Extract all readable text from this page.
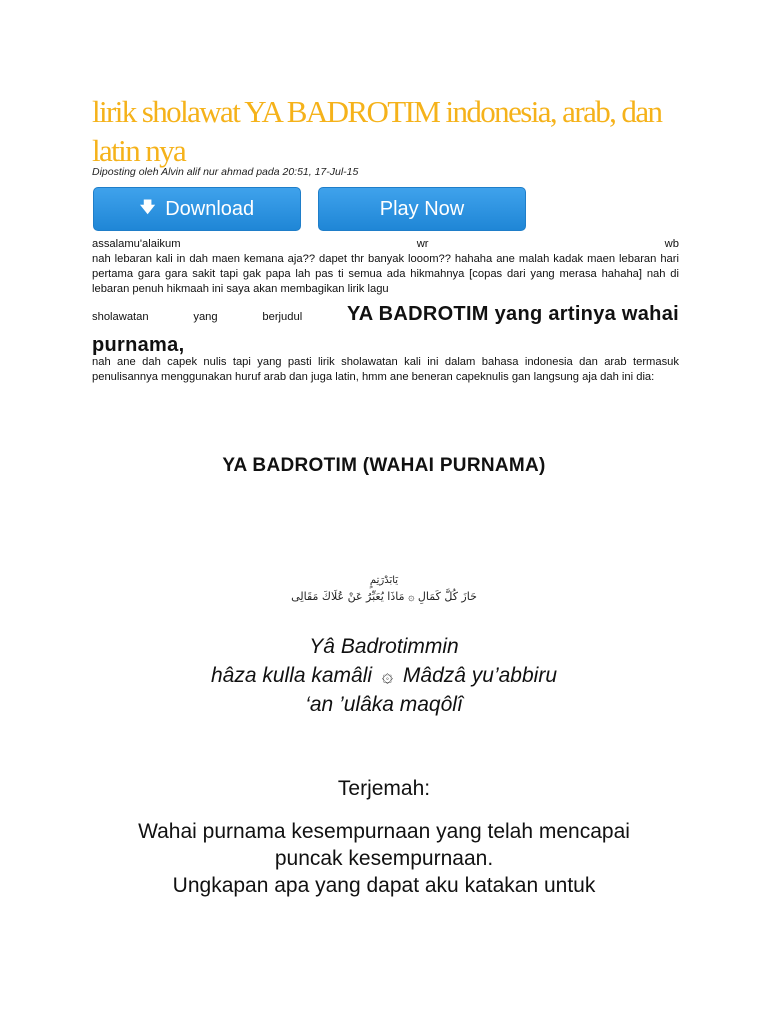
lirik sholawat YA BADROTIM indonesia, arab, dan latin nya
Diposting oleh Alvin alif nur ahmad pada 20:51, 17-Jul-15
🡇 Download	Play Now
assalamu'alaikum	wr	wb

nah lebaran kali in dah maen kemana aja?? dapet thr banyak looom?? hahaha ane malah kadak maen lebaran hari pertama gara gara sakit tapi gak papa lah pas ti semua ada hikmahnya [copas dari yang merasa hahaha] nah di lebaran penuh hikmaah ini saya akan membagikan lirik lagu

sholawatan	yang	berjudul YA BADROTIM yang artinya wahai
purnama,

nah ane dah capek nulis tapi yang pasti lirik sholawatan kali ini dalam bahasa indonesia dan arab termasuk penulisannya menggunakan huruf arab dan juga latin, hmm ane beneran capeknulis gan langsung aja dah ini dia:

YA BADROTIM (WAHAI PURNAMA)
يَابَدْرَتِمٍ
حَازَ كُلَّ كَمَالِ ۞ مَاذَا يُعَبِّرُ عَنْ عُلَاكَ مَقَالِى
Yâ Badrotimmin
hâza kulla kamâli ۞ Mâdzâ yu’abbiru
‘an ’ulâka maqôlî
Terjemah:
Wahai purnama kesempurnaan yang telah mencapai
puncak kesempurnaan.
Ungkapan apa yang dapat aku katakan untuk
